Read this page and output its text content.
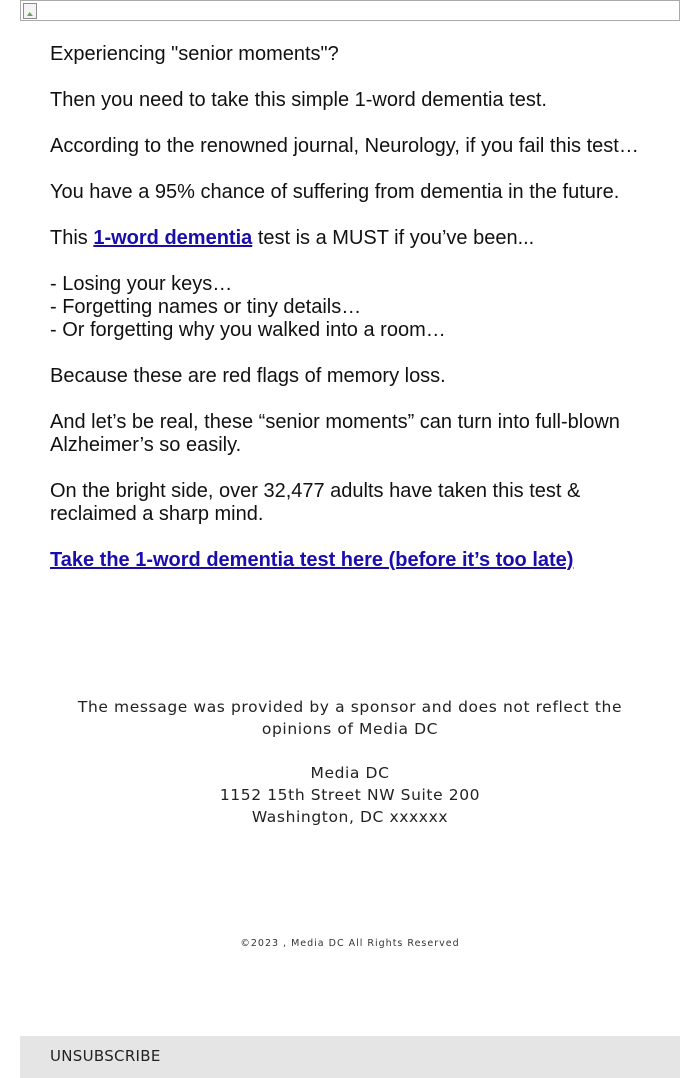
Experiencing "senior moments"?

Then you need to take this simple 1-word dementia test.

According to the renowned journal, Neurology, if you fail this test…

You have a 95% chance of suffering from dementia in the future.

This 1-word dementia test is a MUST if you’ve been...

- Losing your keys…

- Forgetting names or tiny details…

- Or forgetting why you walked into a room…

Because these are red flags of memory loss.

And let’s be real, these “senior moments” can turn into full-blown Alzheimer’s so easily.

On the bright side, over 32,477 adults have taken this test & reclaimed a sharp mind.

Take the 1-word dementia test here (before it’s too late)

The message was provided by a sponsor and does not reflect the
opinions of Media DC
Media DC
1152 15th Street NW Suite 200
Washington, DC xxxxxx
©2023 , Media DC All Rights Reserved
UNSUBSCRIBE
